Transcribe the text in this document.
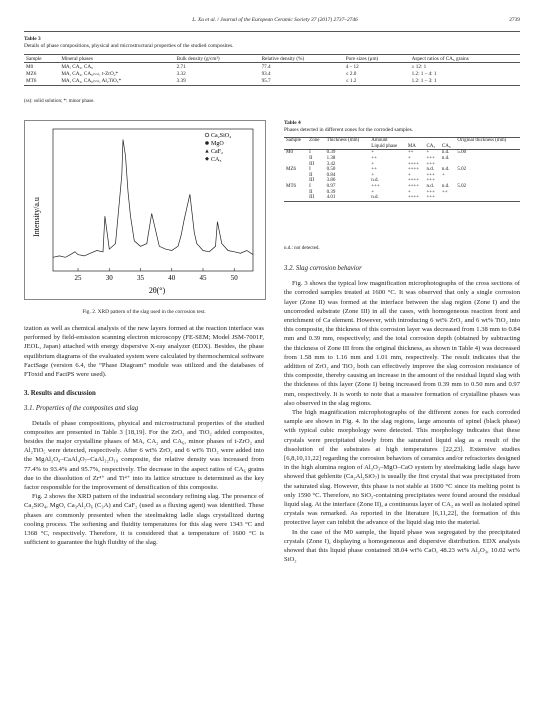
L. Xu et al. / Journal of the European Ceramic Society 37 (2017) 2737–2746	2739
Table 3
Details of phase compositions, physical and microstructural properties of the studied composites.
Sample	Mineral phases	Bulk density (g/cm³)	Relative density (%)	Pore sizes (μm)	Aspect ratios of CA₆ grains
M0	MA, CA₂, CA₆	2.71	77.4	4 – 12	≥ 12: 1
MZ6	MA, CA₂, CA₆₍ₛₛ₎, t-ZrO₂*	3.32	93.4	≤ 2.0	1.2: 1 – 4: 1
MT6	MA, CA₂, CA₆₍ₛₛ₎, Al₂TiO₅*	3.39	95.7	≤ 1.2	1.2: 1 – 3: 1
(ss): solid solution; *: minor phase.
Intensity/a.u
2θ(°)
Ca₂SiO₄
MgO
CaF₂
CA₃
25	30	35	40	45	50
Fig. 2. XRD pattern of the slag used in the corrosion test.

ization as well as chemical analysis of the new layers formed at the reaction interface was performed by field-emission scanning electron microscopy (FE-SEM; Model JSM-7001F, JEOL, Japan) attached with energy dispersive X-ray analyzer (EDX). Besides, the phase equilibrium diagrams of the evaluated system were calculated by thermochemical software FactSage (version 6.4, the “Phase Diagram” module was utilized and the databases of FToxid and FactPS were used).

3. Results and discussion
3.1. Properties of the composites and slag

Details of phase compositions, physical and microstructural properties of the studied composites are presented in Table 3 [18,19]. For the ZrO₂ and TiO₂ added composites, besides the major crystalline phases of MA, CA₂ and CA₆, minor phases of t-ZrO₂ and Al₂TiO₅ were detected, respectively. After 6 wt% ZrO₂ and 6 wt% TiO₂ were added into the MgAl₂O₄–CaAl₄O₇–CaAl₁₂O₁₉ composite, the relative density was increased from 77.4% to 93.4% and 95.7%, respectively. The decrease in the aspect ratios of CA₆ grains due to the dissolution of Zr⁴⁺ and Ti⁴⁺ into its lattice structure is determined as the key factor responsible for the improvement of densification of this composite.

Fig. 2 shows the XRD pattern of the industrial secondary refining slag. The presence of Ca₂SiO₄, MgO, Ca₃Al₂O₆ (C₃A) and CaF₂ (used as a fluxing agent) was identified. These phases are commonly presented when the steelmaking ladle slags crystallized during cooling process. The softening and fluidity temperatures for this slag were 1343 °C and 1368 °C, respectively. Therefore, it is considered that a temperature of 1600 °C is sufficient to guarantee the high fluidity of the slag.

Table 4
Phases detected in different zones for the corroded samples.
Sample	Zone	Thickness (mm)	Amount				Original thickness (mm)
			Liquid phase	MA	CA₂	CA₆	
M0	I	0.39	+	++	+	n.d.	5.00
	II	1.38	++	+	+++	n.d.	
	III	3.42	+	++++	+++		
MZ6	I	0.50	++	++++	n.d.	n.d.	5.02
	II	0.84	+	+	+++	+	
	III	3.86	n.d.	++++	+++		
MT6	I	0.97	+++	++++	n.d.	n.d.	5.02
	II	0.39	+	+	+++	++	
	III	4.01	n.d.	++++	+++		
n.d.: not detected.
3.2. Slag corrosion behavior

Fig. 3 shows the typical low magnification microphotographs of the cross sections of the corroded samples treated at 1600 °C. It was observed that only a single corrosion layer (Zone II) was formed at the interface between the slag region (Zone I) and the uncorroded substrate (Zone III) in all the cases, with homogeneous reaction front and enrichment of Ca element. However, with introducing 6 wt% ZrO₂ and 6 wt% TiO₂ into this composite, the thickness of this corrosion layer was decreased from 1.38 mm to 0.84 mm and 0.39 mm, respectively; and the total corrosion depth (obtained by subtracting the thickness of Zone III from the original thickness, as shown in Table 4) was decreased from 1.58 mm to 1.16 mm and 1.01 mm, respectively. The result indicates that the addition of ZrO₂ and TiO₂ both can effectively improve the slag corrosion resistance of this composite, thereby causing an increase in the amount of the residual liquid slag with the thickness of this layer (Zone I) being increased from 0.39 mm to 0.50 mm and 0.97 mm, respectively. It is worth to note that a massive formation of crystalline phases was also observed in the slag regions.

The high magnification microphotographs of the different zones for each corroded sample are shown in Fig. 4. In the slag regions, large amounts of spinel (black phase) with typical cubic morphology were detected. This morphology indicates that these crystals were precipitated slowly from the saturated liquid slag as a result of the dissolution of the substrates at high temperatures [22,23]. Extensive studies [6,8,10,11,22] regarding the corrosion behaviors of ceramics and/or refractories designed in the high alumina region of Al₂O₃–MgO–CaO system by steelmaking ladle slags have showed that gehlenite (Ca₂Al₂SiO₇) is usually the first crystal that was precipitated from the saturated slag. However, this phase is not stable at 1600 °C since its melting point is only 1590 °C. Therefore, no SiO₂-containing precipitates were found around the residual liquid slag. At the interface (Zone II), a continuous layer of CA₂ as well as isolated spinel crystals was remarked. As reported in the literature [6,11,22], the formation of this protective layer can inhibit the advance of the liquid slag into the material.

In the case of the M0 sample, the liquid phase was segregated by the precipitated crystals (Zone I), displaying a homogeneous and dispersive distribution. EDX analysis showed that this liquid phase contained 38.04 wt% CaO, 48.23 wt% Al₂O₃, 10.02 wt% SiO₂
